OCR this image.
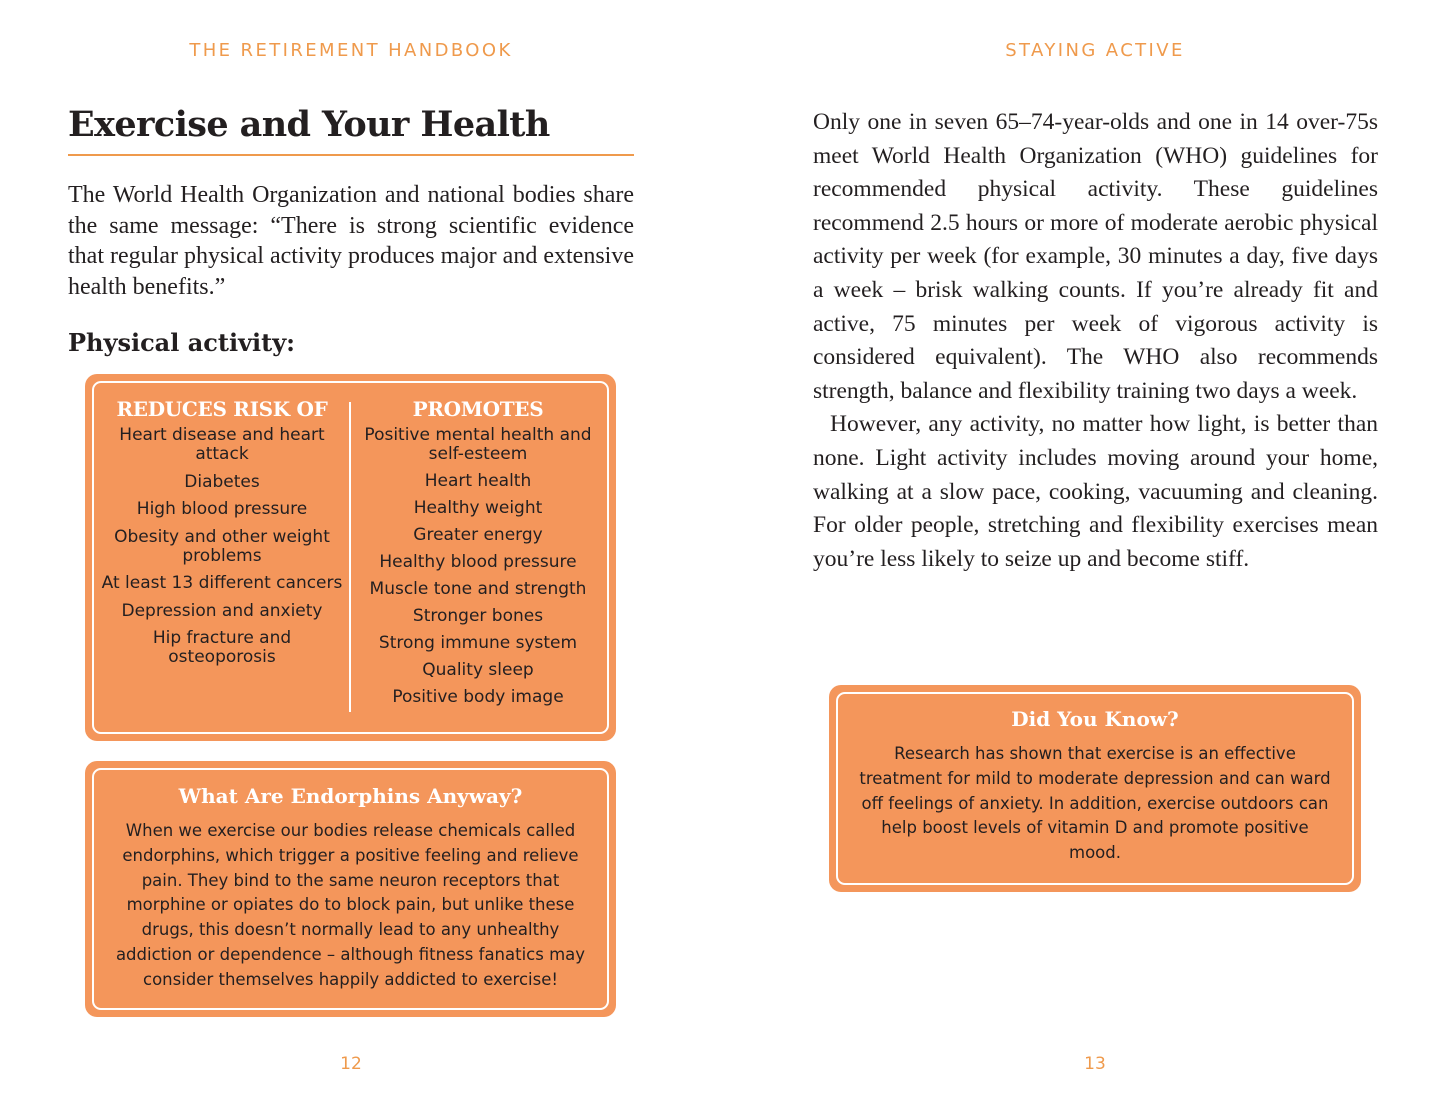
THE RETIREMENT HANDBOOK
Exercise and Your Health

The World Health Organization and national bodies share the same message: “There is strong scientific evidence that regular physical activity produces major and extensive health benefits.”

Physical activity:
REDUCES RISK OF
Heart disease and heart attack
Diabetes
High blood pressure
Obesity and other weight problems
At least 13 different cancers
Depression and anxiety
Hip fracture and osteoporosis
PROMOTES
Positive mental health and self-esteem
Heart health
Healthy weight
Greater energy
Healthy blood pressure
Muscle tone and strength
Stronger bones
Strong immune system
Quality sleep
Positive body image
What Are Endorphins Anyway?

When we exercise our bodies release chemicals called endorphins, which trigger a positive feeling and relieve pain. They bind to the same neuron receptors that morphine or opiates do to block pain, but unlike these drugs, this doesn’t normally lead to any unhealthy addiction or dependence – although fitness fanatics may consider themselves happily addicted to exercise!

12
STAYING ACTIVE

Only one in seven 65–74-year-olds and one in 14 over-75s meet World Health Organization (WHO) guidelines for recommended physical activity. These guidelines recommend 2.5 hours or more of moderate aerobic physical activity per week (for example, 30 minutes a day, five days a week – brisk walking counts. If you’re already fit and active, 75 minutes per week of vigorous activity is considered equivalent). The WHO also recommends strength, balance and flexibility training two days a week.

However, any activity, no matter how light, is better than none. Light activity includes moving around your home, walking at a slow pace, cooking, vacuuming and cleaning. For older people, stretching and flexibility exercises mean you’re less likely to seize up and become stiff.

Did You Know?

Research has shown that exercise is an effective treatment for mild to moderate depression and can ward off feelings of anxiety. In addition, exercise outdoors can help boost levels of vitamin D and promote positive mood.

13
